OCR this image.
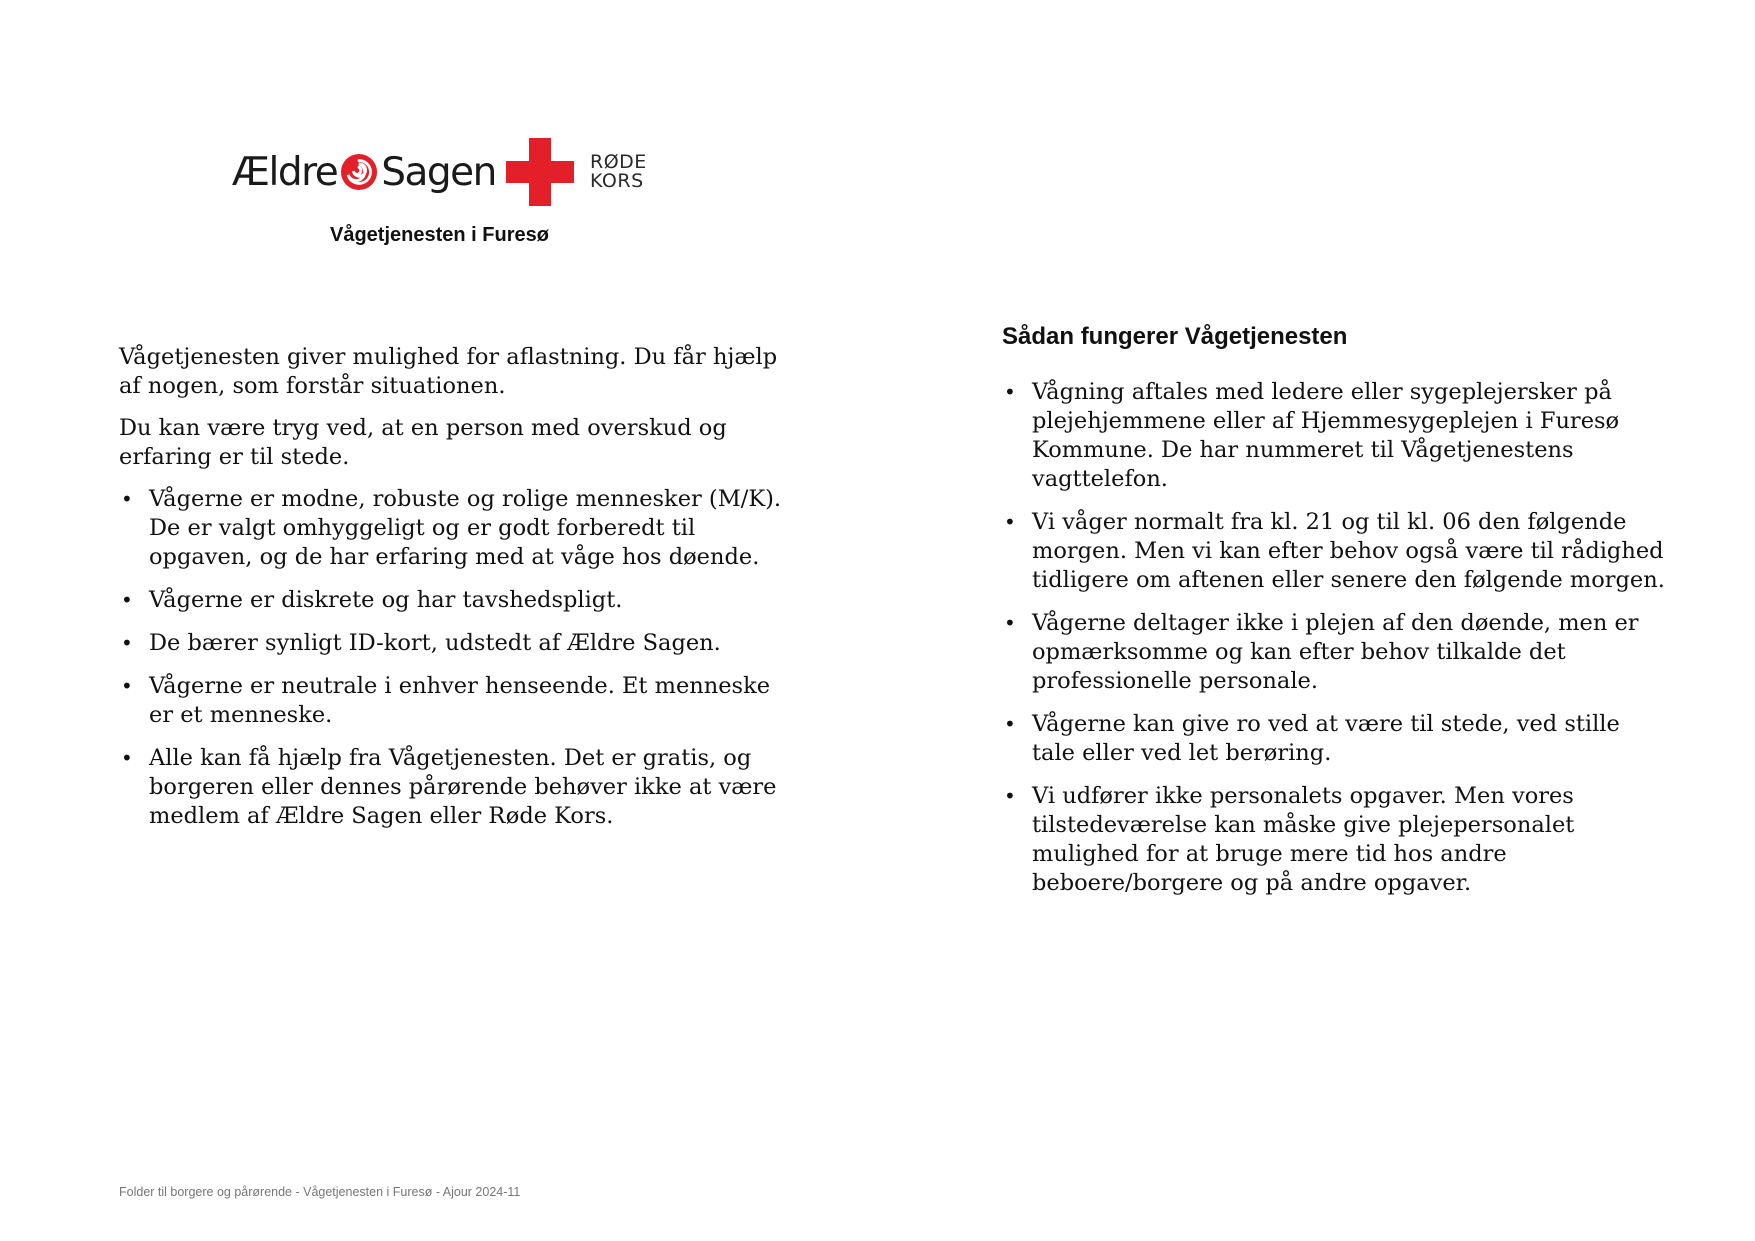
Ældre Sagen	RØDE
KORS
Vågetjenesten i Furesø

Vågetjenesten giver mulighed for aflastning. Du får hjælp af nogen, som forstår situationen.

Du kan være tryg ved, at en person med overskud og erfaring er til stede.

• Vågerne er modne, robuste og rolige mennesker (M/K). De er valgt omhyggeligt og er godt forberedt til opgaven, og de har erfaring med at våge hos døende.
• Vågerne er diskrete og har tavshedspligt.
• De bærer synligt ID-kort, udstedt af Ældre Sagen.
• Vågerne er neutrale i enhver henseende. Et menneske er et menneske.
• Alle kan få hjælp fra Vågetjenesten. Det er gratis, og borgeren eller dennes pårørende behøver ikke at være medlem af Ældre Sagen eller Røde Kors.
Sådan fungerer Vågetjenesten
• Vågning aftales med ledere eller sygeplejersker på plejehjemmene eller af Hjemmesygeplejen i Furesø Kommune. De har nummeret til Vågetjenestens vagttelefon.
• Vi våger normalt fra kl. 21 og til kl. 06 den følgende morgen. Men vi kan efter behov også være til rådighed tidligere om aftenen eller senere den følgende morgen.
• Vågerne deltager ikke i plejen af den døende, men er opmærksomme og kan efter behov tilkalde det professionelle personale.
• Vågerne kan give ro ved at være til stede, ved stille tale eller ved let berøring.
• Vi udfører ikke personalets opgaver. Men vores tilstedeværelse kan måske give plejepersonalet mulighed for at bruge mere tid hos andre beboere/borgere og på andre opgaver.
Folder til borgere og pårørende - Vågetjenesten i Furesø - Ajour 2024-11
